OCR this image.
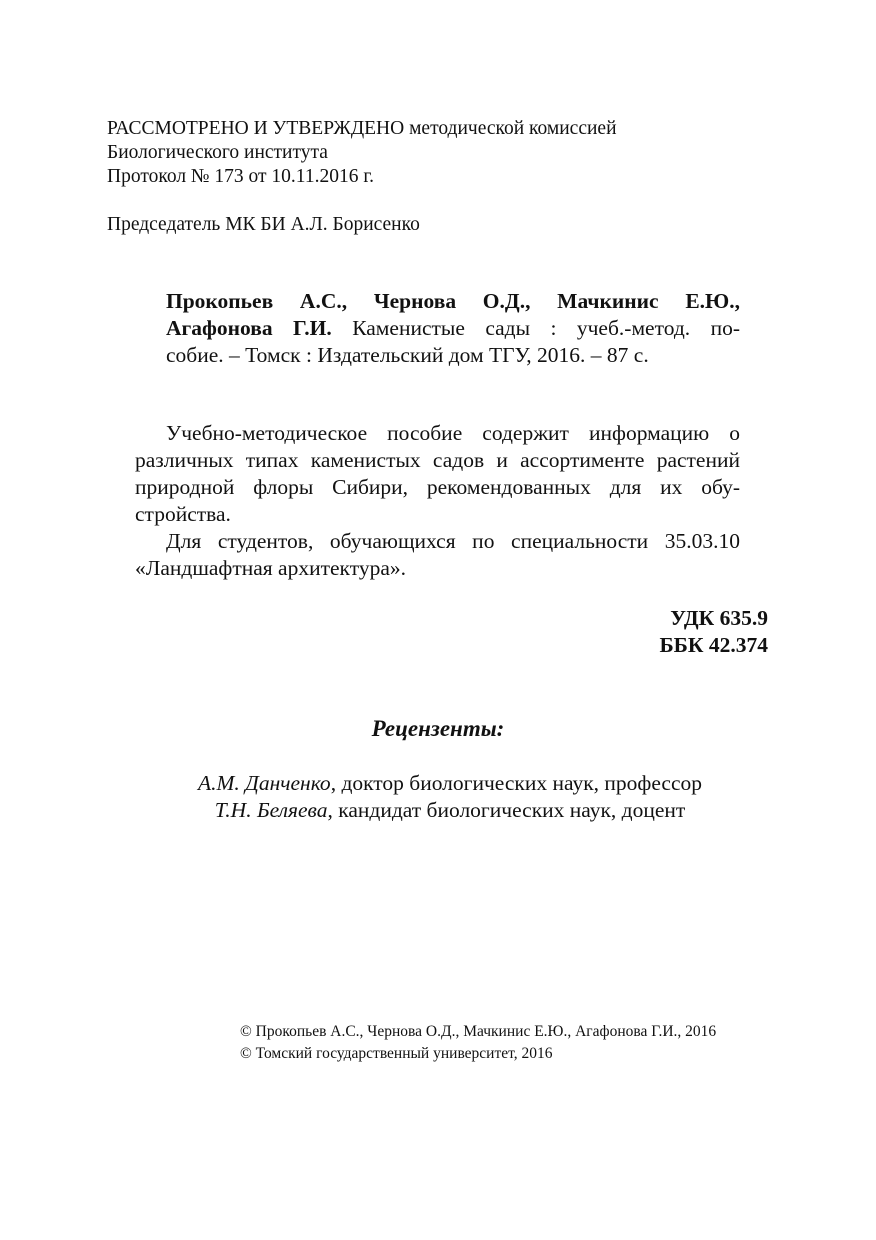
РАССМОТРЕНО И УТВЕРЖДЕНО методической комиссией
Биологического института
Протокол № 173 от 10.11.2016 г.
Председатель МК БИ А.Л. Борисенко
Прокопьев А.С., Чернова О.Д., Мачкинис Е.Ю.,
Агафонова Г.И. Каменистые сады : учеб.-метод. по-
собие. – Томск : Издательский дом ТГУ, 2016. – 87 с.
Учебно-методическое пособие содержит информацию о
различных типах каменистых садов и ассортименте растений
природной флоры Сибири, рекомендованных для их обу-
стройства.
Для студентов, обучающихся по специальности 35.03.10
«Ландшафтная архитектура».
УДК 635.9
ББК 42.374
Рецензенты:
А.М. Данченко, доктор биологических наук, профессор
Т.Н. Беляева, кандидат биологических наук, доцент
© Прокопьев А.С., Чернова О.Д., Мачкинис Е.Ю., Агафонова Г.И., 2016
© Томский государственный университет, 2016
